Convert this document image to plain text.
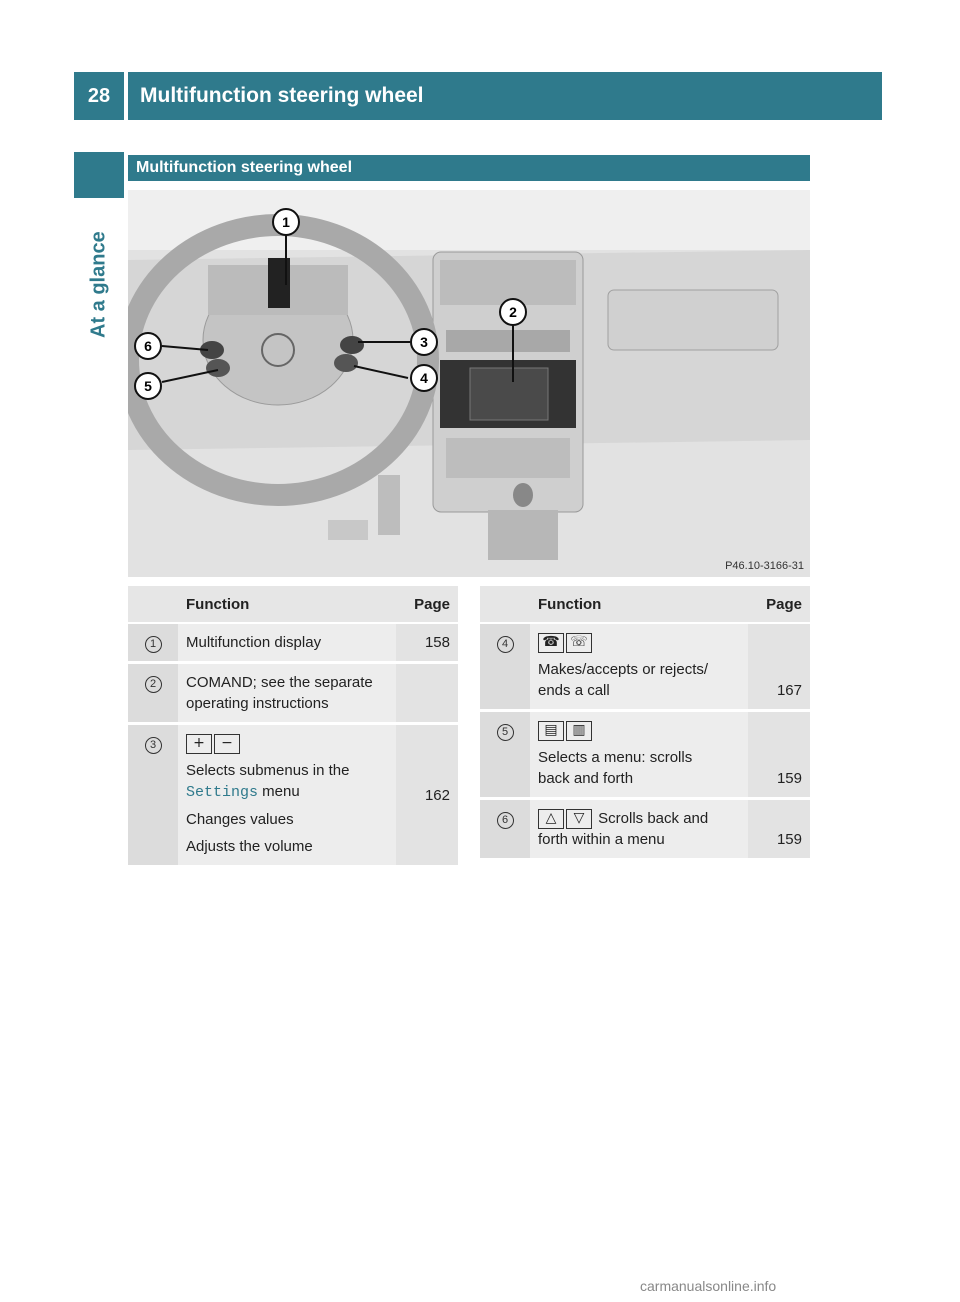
28	Multifunction steering wheel
At a glance
Multifunction steering wheel
1
2
3
4
5
6
P46.10-3166-31
	Function	Page
1	Multifunction display	158
2	COMAND; see the separate
operating instructions	

3	+ −
Selects submenus in the
Settings menu
Changes values
Adjusts the volume	162
	Function	Page
4	☎ ☏
Makes/accepts or rejects/
ends a call	167
5	▤ ▥
Selects a menu: scrolls
back and forth	159
6	△ ▽ Scrolls back and
forth within a menu	159
carmanualsonline.info
